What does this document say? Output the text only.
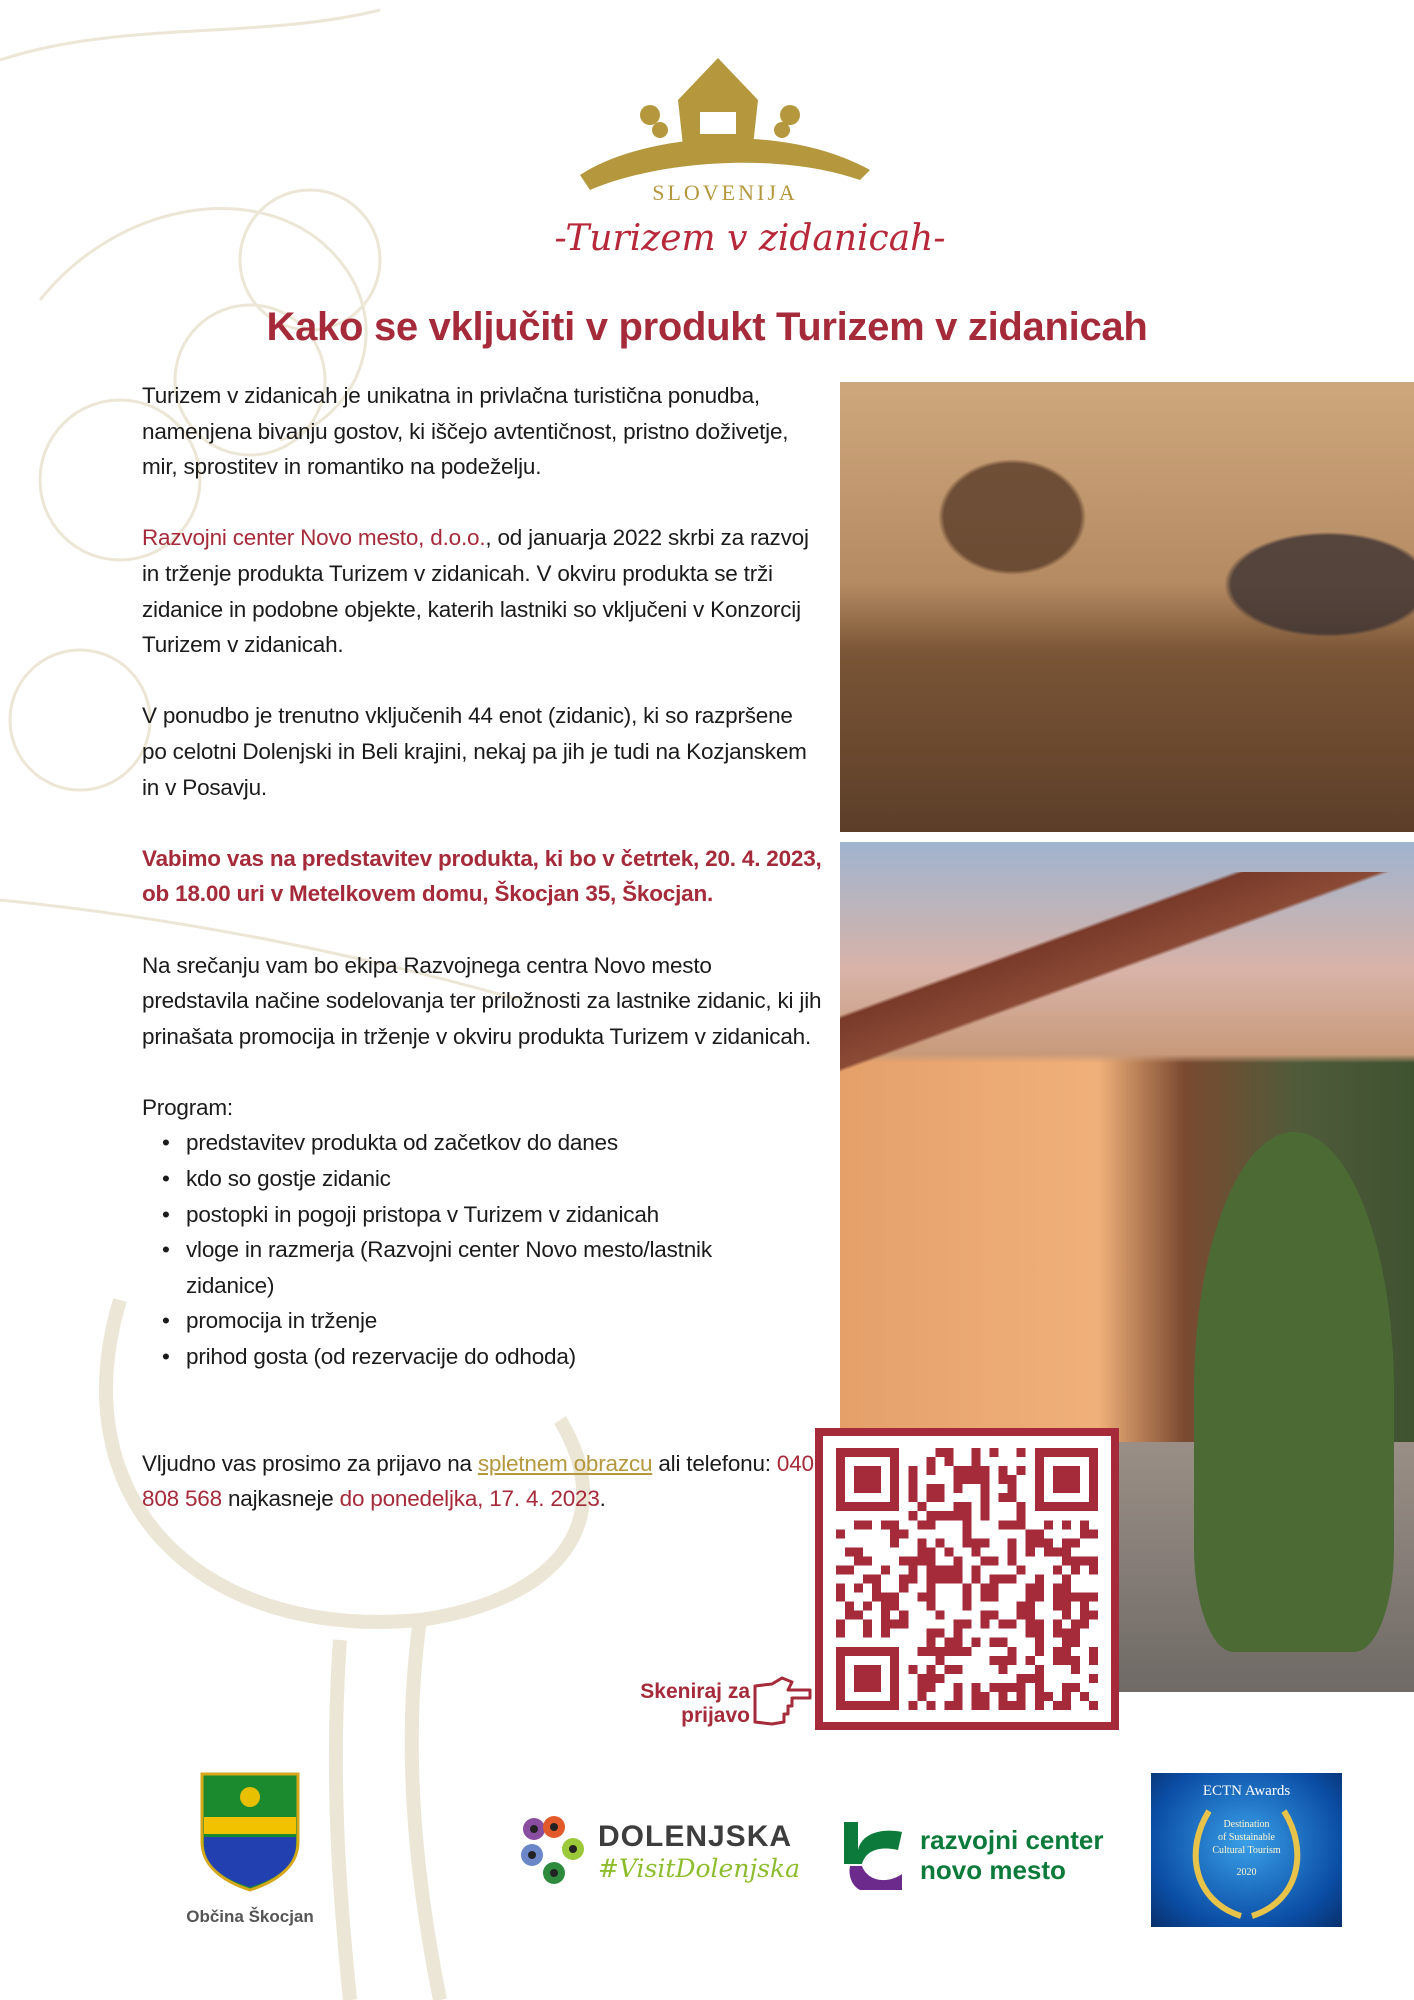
SLOVENIJA
-Turizem v zidanicah-
Kako se vključiti v produkt Turizem v zidanicah

Turizem v zidanicah je unikatna in privlačna turistična ponudba, namenjena bivanju gostov, ki iščejo avtentičnost, pristno doživetje, mir, sprostitev in romantiko na podeželju.

Razvojni center Novo mesto, d.o.o., od januarja 2022 skrbi za razvoj in trženje produkta Turizem v zidanicah. V okviru produkta se trži zidanice in podobne objekte, katerih lastniki so vključeni v Konzorcij Turizem v zidanicah.

V ponudbo je trenutno vključenih 44 enot (zidanic), ki so razpršene po celotni Dolenjski in Beli krajini, nekaj pa jih je tudi na Kozjanskem in v Posavju.

Vabimo vas na predstavitev produkta, ki bo v četrtek, 20. 4. 2023, ob 18.00 uri v Metelkovem domu, Škocjan 35, Škocjan.

Na srečanju vam bo ekipa Razvojnega centra Novo mesto predstavila načine sodelovanja ter priložnosti za lastnike zidanic, ki jih prinašata promocija in trženje v okviru produkta Turizem v zidanicah.

Program:
• predstavitev produkta od začetkov do danes
• kdo so gostje zidanic
• postopki in pogoji pristopa v Turizem v zidanicah
• vloge in razmerja (Razvojni center Novo mesto/lastnik zidanice)
• promocija in trženje
• prihod gosta (od rezervacije do odhoda)

Vljudno vas prosimo za prijavo na spletnem obrazcu ali telefonu: 040 808 568 najkasneje do ponedeljka, 17. 4. 2023.

Skeniraj za
prijavo
Občina Škocjan
DOLENJSKA
#VisitDolenjska
razvojni center
novo mesto
ECTN Awards
Destination
of Sustainable
Cultural Tourism
2020
